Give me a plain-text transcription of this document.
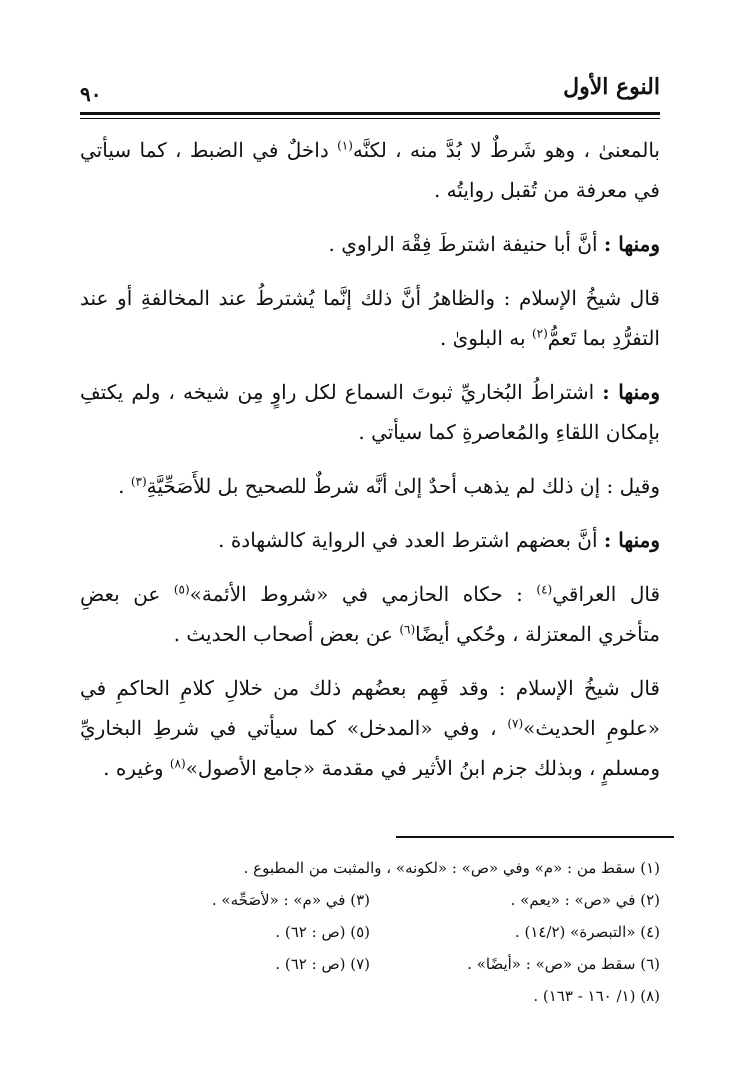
النوع الأول
٩٠

بالمعنىٰ ، وهو شَرطٌ لا بُدَّ منه ، لكنَّه$^{(١)}$ داخلٌ في الضبط ، كما سيأتي في معرفة من تُقبل روايتُه .

ومنها : أنَّ أبا حنيفة اشترطَ فِقْهَ الراوي .

قال شيخُ الإسلام : والظاهرُ أنَّ ذلك إنَّما يُشترطُ عند المخالفةِ أو عند التفرُّدِ بما تَعمُّ$^{(٢)}$ به البلوىٰ .

ومنها : اشتراطُ البُخاريِّ ثبوتَ السماع لكل راوٍ مِن شيخه ، ولم يكتفِ بإمكان اللقاءِ والمُعاصرةِ كما سيأتي .

وقيل : إن ذلك لم يذهب أحدٌ إلىٰ أنَّه شرطٌ للصحيح بل للأَصَحِّيَّةِ$^{(٣)}$ .

ومنها : أنَّ بعضهم اشترط العدد في الرواية كالشهادة .

قال العراقي$^{(٤)}$ : حكاه الحازمي في «شروط الأئمة»$^{(٥)}$ عن بعضِ متأخري المعتزلة ، وحُكي أيضًا$^{(٦)}$ عن بعض أصحاب الحديث .

قال شيخُ الإسلام : وقد فَهِم بعضُهم ذلك من خلالِ كلامِ الحاكمِ في «علومِ الحديث»$^{(٧)}$ ، وفي «المدخل» كما سيأتي في شرطِ البخاريِّ ومسلمٍ ، وبذلك جزم ابنُ الأثير في مقدمة «جامع الأصول»$^{(٨)}$ وغيره .

(١) سقط من : «م» وفي «ص» : «لكونه» ، والمثبت من المطبوع .
(٢) في «ص» : «يعم» .
(٣) في «م» : «لأصَحِّه» .
(٤) «التبصرة» (١٤/٢) .
(٥) (ص : ٦٢) .
(٦) سقط من «ص» : «أيضًا» .
(٧) (ص : ٦٢) .
(٨) (١/ ١٦٠ - ١٦٣) .
